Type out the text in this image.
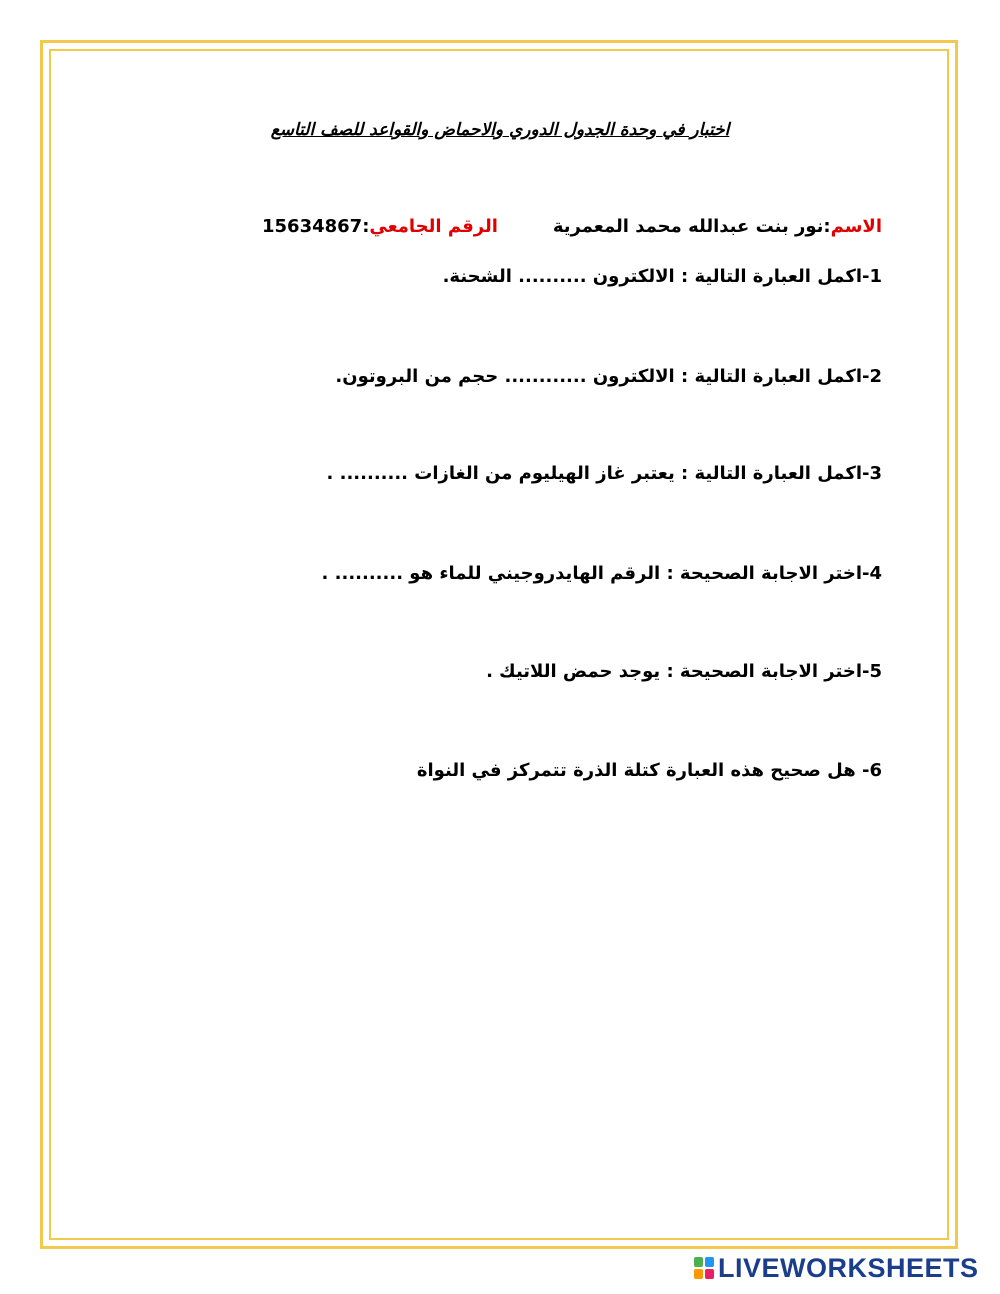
اختبار في وحدة الجدول الدوري والاحماض والقواعد للصف التاسع
الاسم:نور بنت عبدالله محمد المعمرية
الرقم الجامعي:15634867
1-اكمل العبارة التالية : الالكترون .......... الشحنة.
2-اكمل العبارة التالية : الالكترون ............ حجم من البروتون.
3-اكمل العبارة التالية : يعتبر غاز الهيليوم من الغازات .......... .
4-اختر الاجابة الصحيحة : الرقم الهايدروجيني للماء هو .......... .
5-اختر الاجابة الصحيحة : يوجد حمض اللاتيك .
6- هل صحيح هذه العبارة كتلة الذرة تتمركز في النواة
LIVEWORKSHEETS
